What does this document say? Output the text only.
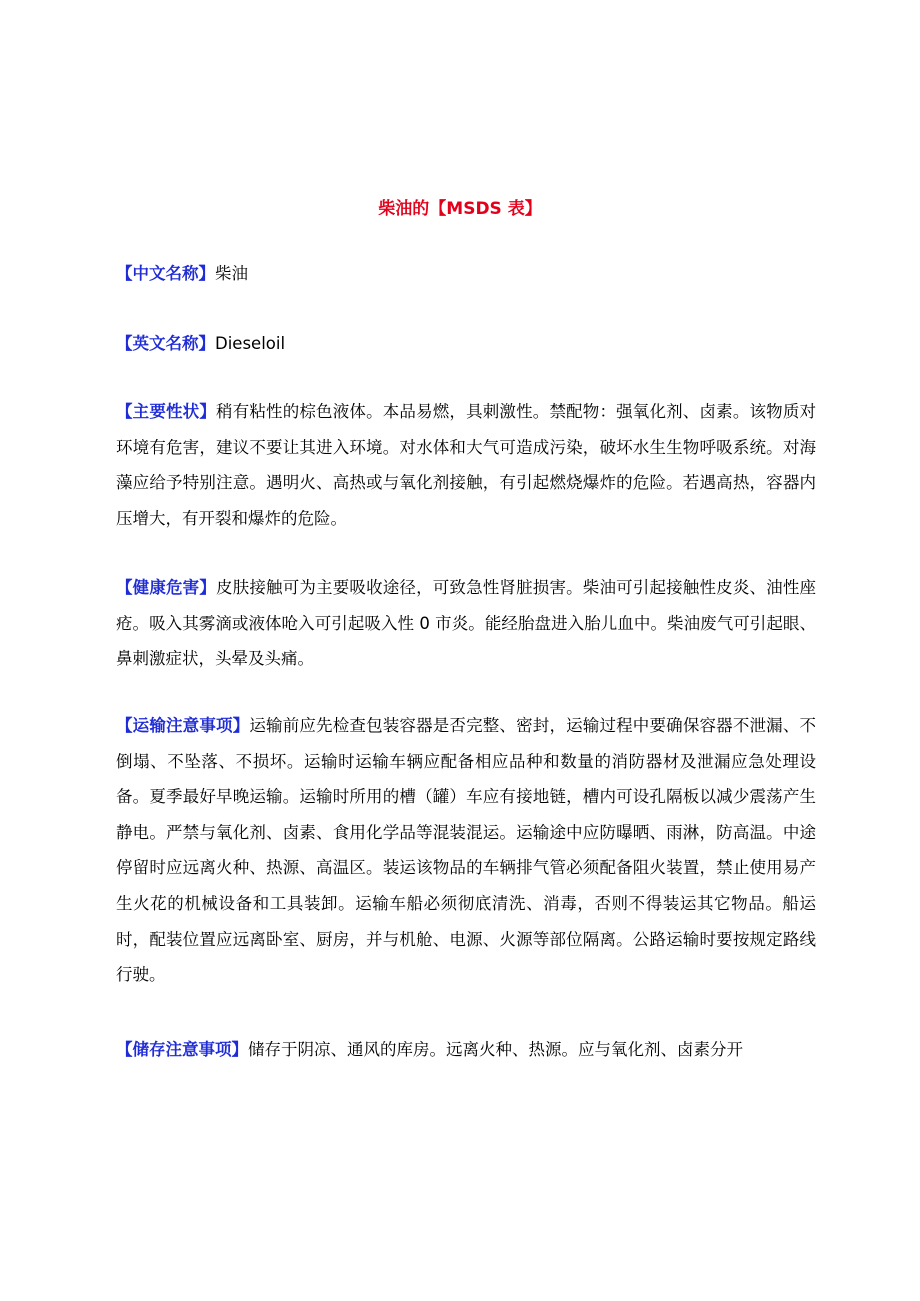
柴油的【MSDS 表】
【中文名称】柴油
【英文名称】Dieseloil
【主要性状】稍有粘性的棕色液体。本品易燃，具刺激性。禁配物：强氧化剂、卤素。该物质对环境有危害，建议不要让其进入环境。对水体和大气可造成污染，破坏水生生物呼吸系统。对海藻应给予特别注意。遇明火、高热或与氧化剂接触，有引起燃烧爆炸的危险。若遇高热，容器内压增大，有开裂和爆炸的危险。
【健康危害】皮肤接触可为主要吸收途径，可致急性肾脏损害。柴油可引起接触性皮炎、油性座疮。吸入其雾滴或液体呛入可引起吸入性 0 市炎。能经胎盘进入胎儿血中。柴油废气可引起眼、鼻刺激症状，头晕及头痛。
【运输注意事项】运输前应先检查包装容器是否完整、密封，运输过程中要确保容器不泄漏、不倒塌、不坠落、不损坏。运输时运输车辆应配备相应品种和数量的消防器材及泄漏应急处理设备。夏季最好早晚运输。运输时所用的槽（罐）车应有接地链，槽内可设孔隔板以减少震荡产生静电。严禁与氧化剂、卤素、食用化学品等混装混运。运输途中应防曝晒、雨淋，防高温。中途停留时应远离火种、热源、高温区。装运该物品的车辆排气管必须配备阻火装置，禁止使用易产生火花的机械设备和工具装卸。运输车船必须彻底清洗、消毒，否则不得装运其它物品。船运时，配装位置应远离卧室、厨房，并与机舱、电源、火源等部位隔离。公路运输时要按规定路线行驶。
【储存注意事项】储存于阴凉、通风的库房。远离火种、热源。应与氧化剂、卤素分开
